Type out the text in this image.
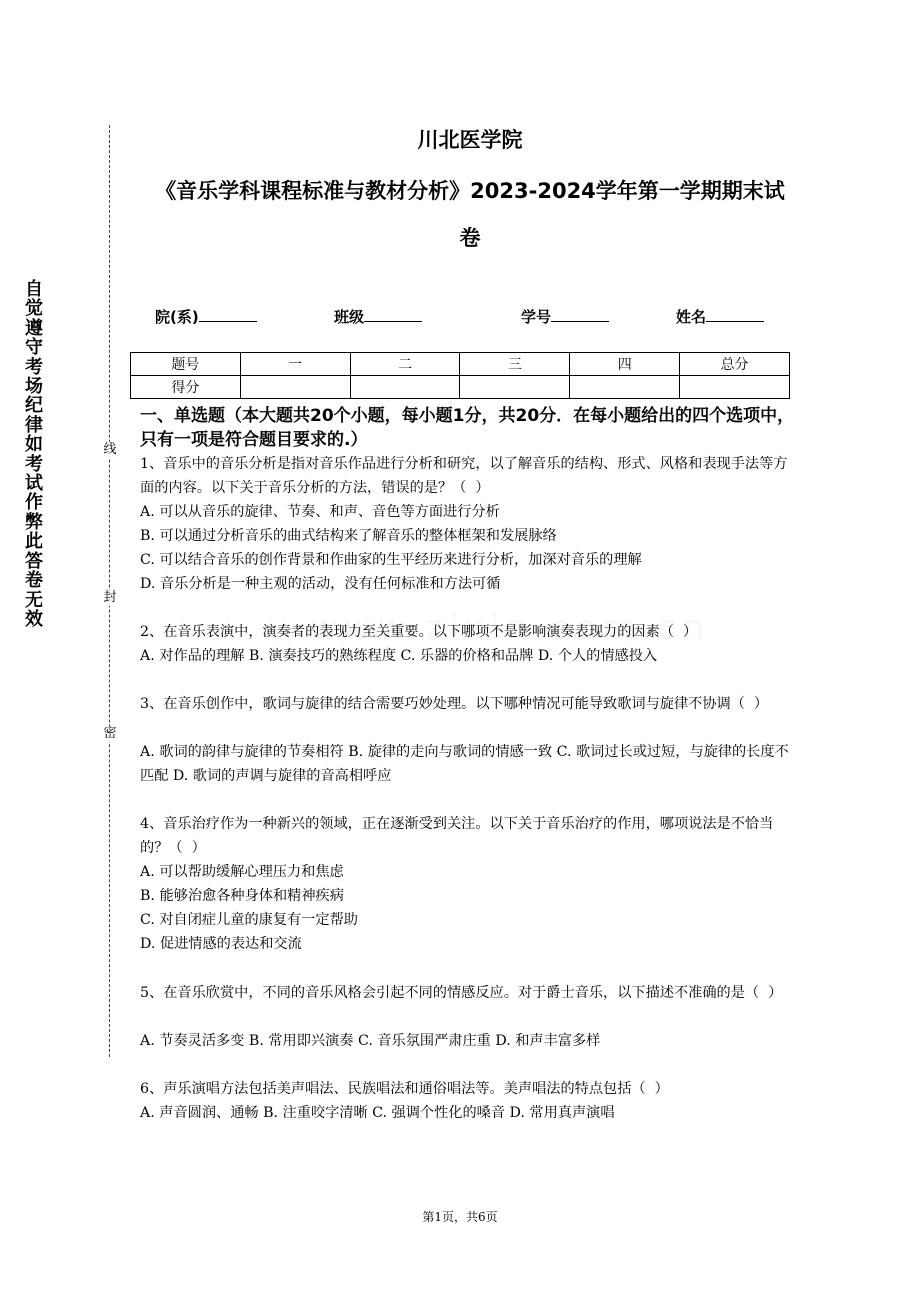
自觉遵守考场纪律如考试作弊此答卷无效
线
封
密
川北医学院
《音乐学科课程标准与教材分析》2023-2024学年第一学期期末试
卷
院(系)	班级	学号	姓名
题号	一	二	三	四	总分
得分					
一、单选题（本大题共20个小题，每小题1分，共20分．在每小题给出的四个选项中，只有一项是符合题目要求的.）
1、音乐中的音乐分析是指对音乐作品进行分析和研究，以了解音乐的结构、形式、风格和表现手法等方面的内容。以下关于音乐分析的方法，错误的是？（  ）
A. 可以从音乐的旋律、节奏、和声、音色等方面进行分析
B. 可以通过分析音乐的曲式结构来了解音乐的整体框架和发展脉络
C. 可以结合音乐的创作背景和作曲家的生平经历来进行分析，加深对音乐的理解
D. 音乐分析是一种主观的活动，没有任何标准和方法可循
2、在音乐表演中，演奏者的表现力至关重要。以下哪项不是影响演奏表现力的因素（  ）
A. 对作品的理解 B. 演奏技巧的熟练程度 C. 乐器的价格和品牌 D. 个人的情感投入
3、在音乐创作中，歌词与旋律的结合需要巧妙处理。以下哪种情况可能导致歌词与旋律不协调（  ）
A. 歌词的韵律与旋律的节奏相符 B. 旋律的走向与歌词的情感一致 C. 歌词过长或过短，与旋律的长度不匹配 D. 歌词的声调与旋律的音高相呼应
4、音乐治疗作为一种新兴的领域，正在逐渐受到关注。以下关于音乐治疗的作用，哪项说法是不恰当的？（  ）
A. 可以帮助缓解心理压力和焦虑
B. 能够治愈各种身体和精神疾病
C. 对自闭症儿童的康复有一定帮助
D. 促进情感的表达和交流
5、在音乐欣赏中，不同的音乐风格会引起不同的情感反应。对于爵士音乐，以下描述不准确的是（  ）
A. 节奏灵活多变 B. 常用即兴演奏 C. 音乐氛围严肃庄重 D. 和声丰富多样
6、声乐演唱方法包括美声唱法、民族唱法和通俗唱法等。美声唱法的特点包括（  ）
A. 声音圆润、通畅 B. 注重咬字清晰 C. 强调个性化的嗓音 D. 常用真声演唱
第1页，共6页
